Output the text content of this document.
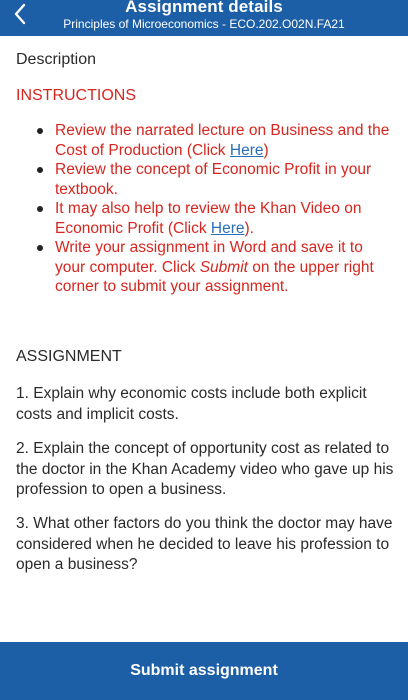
Assignment details
Principles of Microeconomics - ECO.202.O02N.FA21
Description
INSTRUCTIONS
Review the narrated lecture on Business and the Cost of Production (Click Here)
Review the concept of Economic Profit in your textbook.
It may also help to review the Khan Video on Economic Profit (Click Here).
Write your assignment in Word and save it to your computer. Click Submit on the upper right corner to submit your assignment.
ASSIGNMENT
1. Explain why economic costs include both explicit costs and implicit costs.
2. Explain the concept of opportunity cost as related to the doctor in the Khan Academy video who gave up his profession to open a business.
3. What other factors do you think the doctor may have considered when he decided to leave his profession to open a business?
Submit assignment
